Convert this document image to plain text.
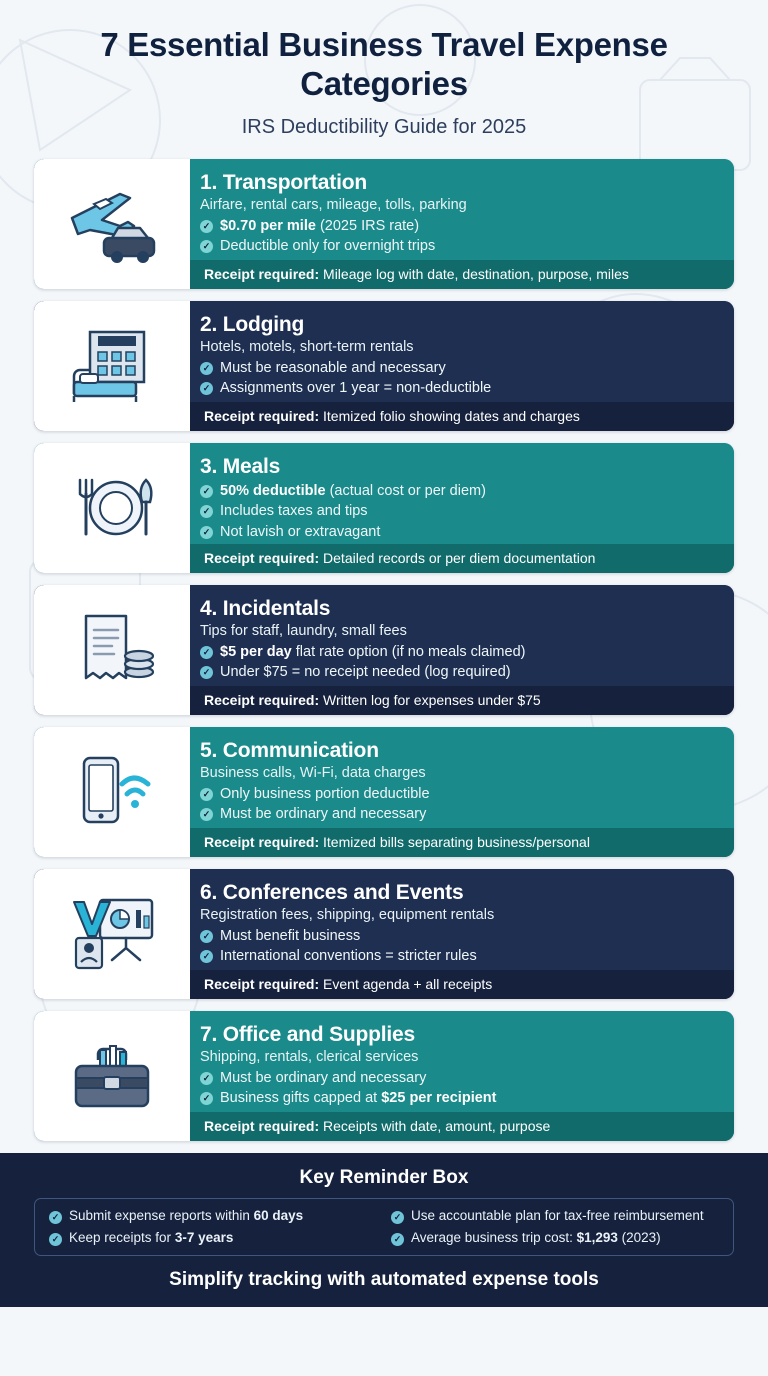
7 Essential Business Travel Expense Categories

IRS Deductibility Guide for 2025

1. Transportation
Airfare, rental cars, mileage, tolls, parking
✓ $0.70 per mile (2025 IRS rate)
✓ Deductible only for overnight trips
Receipt required: Mileage log with date, destination, purpose, miles
2. Lodging
Hotels, motels, short-term rentals
✓ Must be reasonable and necessary
✓ Assignments over 1 year = non-deductible
Receipt required: Itemized folio showing dates and charges
3. Meals
✓ 50% deductible (actual cost or per diem)
✓ Includes taxes and tips
✓ Not lavish or extravagant
Receipt required: Detailed records or per diem documentation
4. Incidentals
Tips for staff, laundry, small fees
✓ $5 per day flat rate option (if no meals claimed)
✓ Under $75 = no receipt needed (log required)
Receipt required: Written log for expenses under $75
5. Communication
Business calls, Wi-Fi, data charges
✓ Only business portion deductible
✓ Must be ordinary and necessary
Receipt required: Itemized bills separating business/personal
6. Conferences and Events
Registration fees, shipping, equipment rentals
✓ Must benefit business
✓ International conventions = stricter rules
Receipt required: Event agenda + all receipts
7. Office and Supplies
Shipping, rentals, clerical services
✓ Must be ordinary and necessary
✓ Business gifts capped at $25 per recipient
Receipt required: Receipts with date, amount, purpose
Key Reminder Box
✓ Submit expense reports within 60 days	✓ Use accountable plan for tax-free reimbursement
✓ Keep receipts for 3-7 years	✓ Average business trip cost: $1,293 (2023)
Simplify tracking with automated expense tools
